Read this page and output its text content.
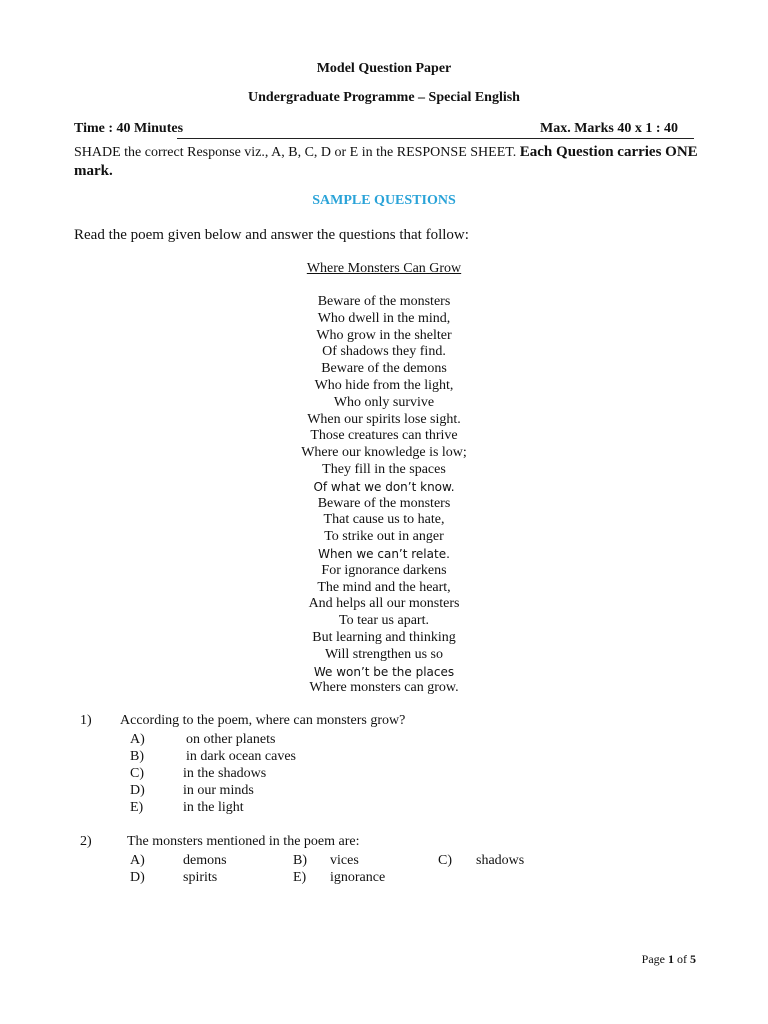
Model Question Paper
Undergraduate Programme – Special English
Time : 40 Minutes	Max. Marks 40 x 1 : 40
SHADE the correct Response viz., A, B, C, D or E in the RESPONSE SHEET. Each Question carries ONE mark.
SAMPLE QUESTIONS
Read the poem given below and answer the questions that follow:
Where Monsters Can Grow
Beware of the monsters
Who dwell in the mind,
Who grow in the shelter
Of shadows they find.
Beware of the demons
Who hide from the light,
Who only survive
When our spirits lose sight.
Those creatures can thrive
Where our knowledge is low;
They fill in the spaces
Of what we don’t know.
Beware of the monsters
That cause us to hate,
To strike out in anger
When we can’t relate.
For ignorance darkens
The mind and the heart,
And helps all our monsters
To tear us apart.
But learning and thinking
Will strengthen us so
We won’t be the places
Where monsters can grow.
1) According to the poem, where can monsters grow?
A)	on other planets
B)	in dark ocean caves
C)	in the shadows
D)	in our minds
E)	in the light
2)	The monsters mentioned in the poem are:
A)	demons	B) vices	C) shadows
D)	spirits	E) ignorance
Page 1 of 5
